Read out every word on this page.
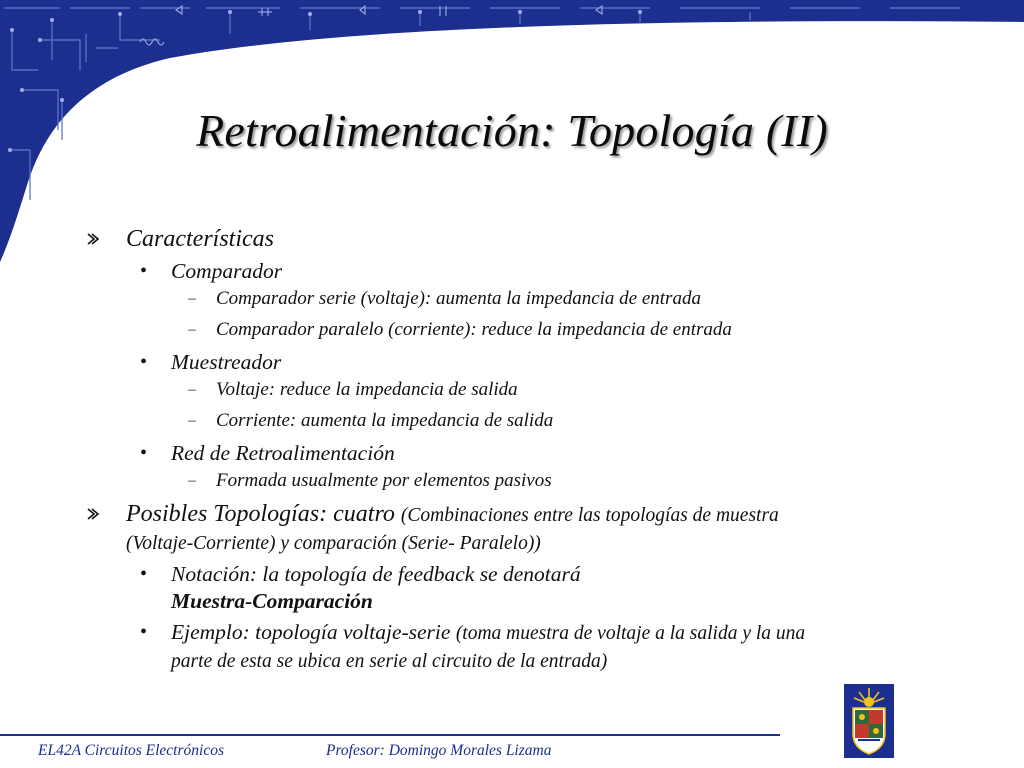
Retroalimentación: Topología (II)
Características
• Comparador
– Comparador serie (voltaje): aumenta la impedancia de entrada
– Comparador paralelo (corriente): reduce la impedancia de entrada
• Muestreador
– Voltaje: reduce la impedancia de salida
– Corriente: aumenta la impedancia de salida
• Red de Retroalimentación
– Formada usualmente por elementos pasivos
Posibles Topologías: cuatro (Combinaciones entre las topologías de muestra (Voltaje-Corriente) y comparación (Serie- Paralelo))
• Notación: la topología de feedback se denotará
Muestra-Comparación
• Ejemplo: topología voltaje-serie (toma muestra de voltaje a la salida y la una parte de esta se ubica en serie al circuito de la entrada)
EL42A Circuitos Electrónicos	Profesor: Domingo Morales Lizama
